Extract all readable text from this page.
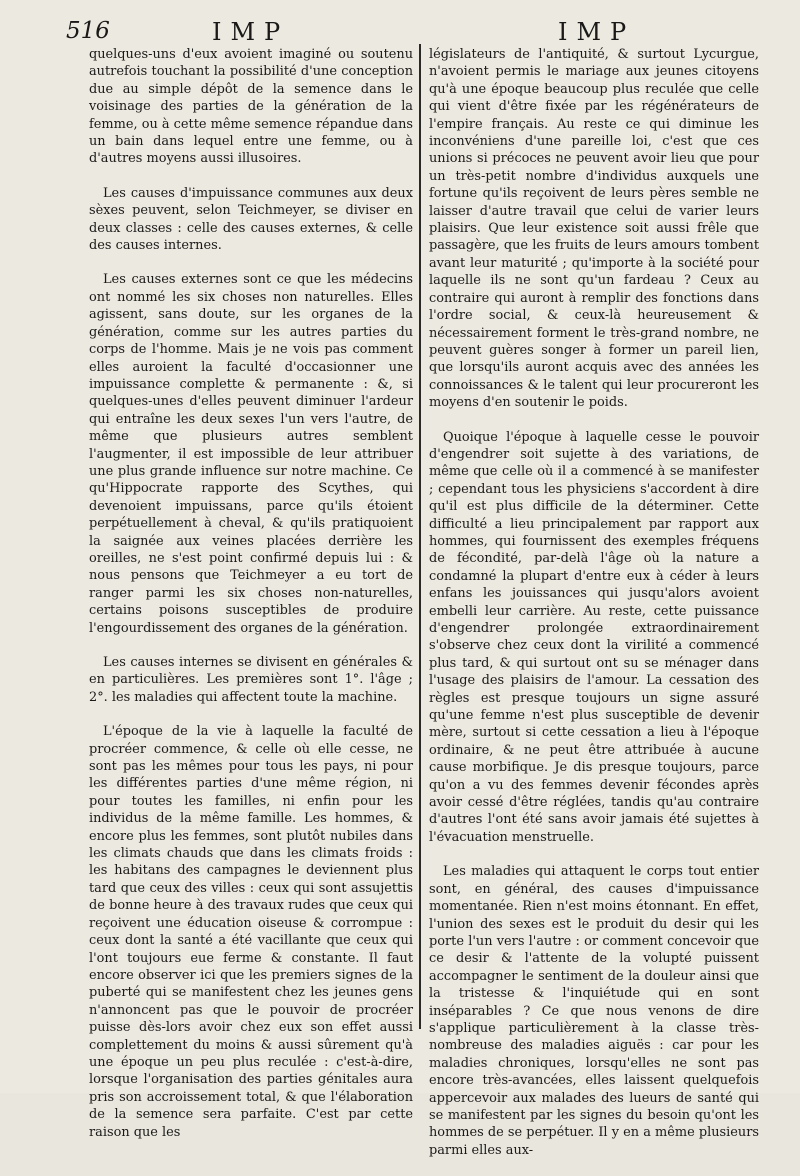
516	IMP	IMP

quelques-uns d'eux avoient imaginé ou soutenu autrefois touchant la possibilité d'une conception due au simple dépôt de la semence dans le voisinage des parties de la génération de la femme, ou à cette même semence répandue dans un bain dans lequel entre une femme, ou à d'autres moyens aussi illusoires.

Les causes d'impuissance communes aux deux sèxes peuvent, selon Teichmeyer, se diviser en deux classes : celle des causes externes, & celle des causes internes.

Les causes externes sont ce que les médecins ont nommé les six choses non naturelles. Elles agissent, sans doute, sur les organes de la génération, comme sur les autres parties du corps de l'homme. Mais je ne vois pas comment elles auroient la faculté d'occasionner une impuissance complette & permanente : &, si quelques-unes d'elles peuvent diminuer l'ardeur qui entraîne les deux sexes l'un vers l'autre, de même que plusieurs autres semblent l'augmenter, il est impossible de leur attribuer une plus grande influence sur notre machine. Ce qu'Hippocrate rapporte des Scythes, qui devenoient impuissans, parce qu'ils étoient perpétuellement à cheval, & qu'ils pratiquoient la saignée aux veines placées derrière les oreilles, ne s'est point confirmé depuis lui : & nous pensons que Teichmeyer a eu tort de ranger parmi les six choses non-naturelles, certains poisons susceptibles de produire l'engourdissement des organes de la génération.

Les causes internes se divisent en générales & en particulières. Les premières sont 1°. l'âge ; 2°. les maladies qui affectent toute la machine.

L'époque de la vie à laquelle la faculté de procréer commence, & celle où elle cesse, ne sont pas les mêmes pour tous les pays, ni pour les différentes parties d'une même région, ni pour toutes les familles, ni enfin pour les individus de la même famille. Les hommes, & encore plus les femmes, sont plutôt nubiles dans les climats chauds que dans les climats froids : les habitans des campagnes le deviennent plus tard que ceux des villes : ceux qui sont assujettis de bonne heure à des travaux rudes que ceux qui reçoivent une éducation oiseuse & corrompue : ceux dont la santé a été vacillante que ceux qui l'ont toujours eue ferme & constante. Il faut encore observer ici que les premiers signes de la puberté qui se manifestent chez les jeunes gens n'annoncent pas que le pouvoir de procréer puisse dès-lors avoir chez eux son effet aussi complettement du moins & aussi sûrement qu'à une époque un peu plus reculée : c'est-à-dire, lorsque l'organisation des parties génitales aura pris son accroissement total, & que l'élaboration de la semence sera parfaite. C'est par cette raison que les

législateurs de l'antiquité, & surtout Lycurgue, n'avoient permis le mariage aux jeunes citoyens qu'à une époque beaucoup plus reculée que celle qui vient d'être fixée par les régénérateurs de l'empire français. Au reste ce qui diminue les inconvéniens d'une pareille loi, c'est que ces unions si précoces ne peuvent avoir lieu que pour un très-petit nombre d'individus auxquels une fortune qu'ils reçoivent de leurs pères semble ne laisser d'autre travail que celui de varier leurs plaisirs. Que leur existence soit aussi frêle que passagère, que les fruits de leurs amours tombent avant leur maturité ; qu'importe à la société pour laquelle ils ne sont qu'un fardeau ? Ceux au contraire qui auront à remplir des fonctions dans l'ordre social, & ceux-là heureusement & nécessairement forment le très-grand nombre, ne peuvent guères songer à former un pareil lien, que lorsqu'ils auront acquis avec des années les connoissances & le talent qui leur procureront les moyens d'en soutenir le poids.

Quoique l'époque à laquelle cesse le pouvoir d'engendrer soit sujette à des variations, de même que celle où il a commencé à se manifester ; cependant tous les physiciens s'accordent à dire qu'il est plus difficile de la déterminer. Cette difficulté a lieu principalement par rapport aux hommes, qui fournissent des exemples fréquens de fécondité, par-delà l'âge où la nature a condamné la plupart d'entre eux à céder à leurs enfans les jouissances qui jusqu'alors avoient embelli leur carrière. Au reste, cette puissance d'engendrer prolongée extraordinairement s'observe chez ceux dont la virilité a commencé plus tard, & qui surtout ont su se ménager dans l'usage des plaisirs de l'amour. La cessation des règles est presque toujours un signe assuré qu'une femme n'est plus susceptible de devenir mère, surtout si cette cessation a lieu à l'époque ordinaire, & ne peut être attribuée à aucune cause morbifique. Je dis presque toujours, parce qu'on a vu des femmes devenir fécondes après avoir cessé d'être réglées, tandis qu'au contraire d'autres l'ont été sans avoir jamais été sujettes à l'évacuation menstruelle.

Les maladies qui attaquent le corps tout entier sont, en général, des causes d'impuissance momentanée. Rien n'est moins étonnant. En effet, l'union des sexes est le produit du desir qui les porte l'un vers l'autre : or comment concevoir que ce desir & l'attente de la volupté puissent accompagner le sentiment de la douleur ainsi que la tristesse & l'inquiétude qui en sont inséparables ? Ce que nous venons de dire s'applique particulièrement à la classe très-nombreuse des maladies aiguës : car pour les maladies chroniques, lorsqu'elles ne sont pas encore très-avancées, elles laissent quelquefois appercevoir aux malades des lueurs de santé qui se manifestent par les signes du besoin qu'ont les hommes de se perpétuer. Il y en a même plusieurs parmi elles aux-
